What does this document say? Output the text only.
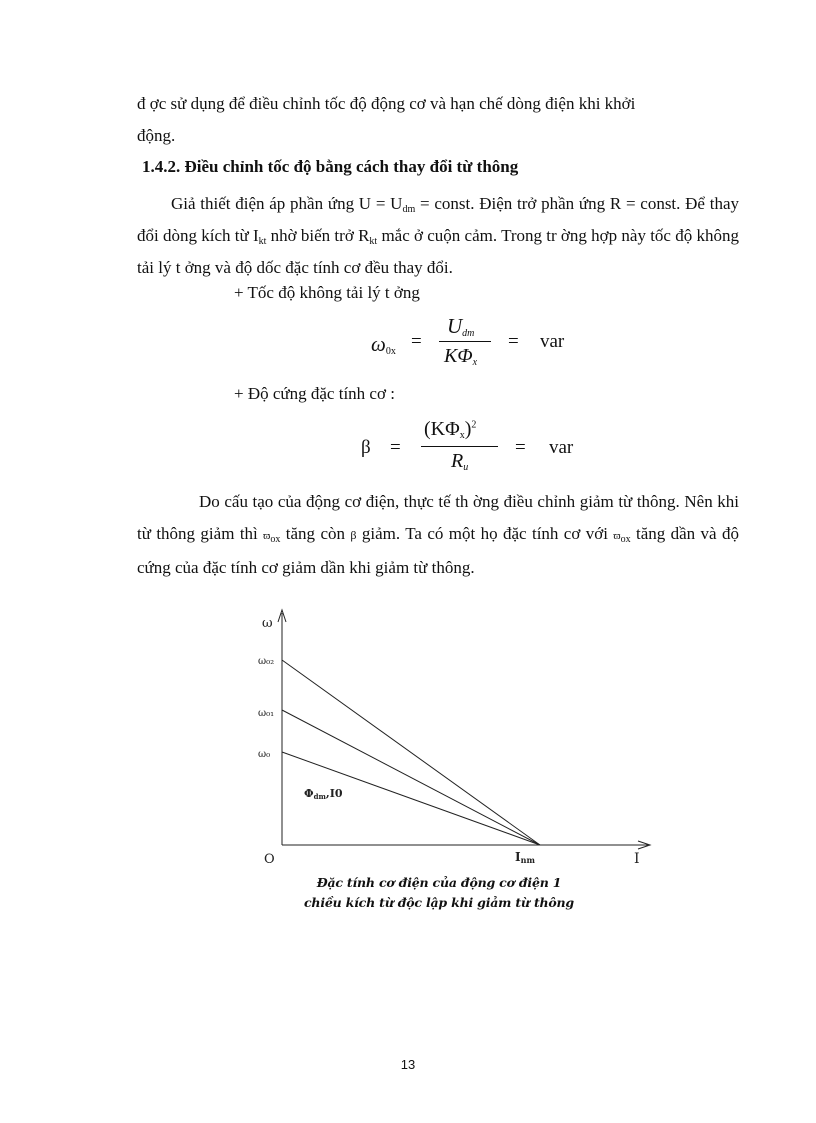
đ ợc sử dụng để điều chỉnh tốc độ động cơ và hạn chế dòng điện khi khởi
động.
1.4.2. Điều chỉnh tốc độ bằng cách thay đổi từ thông
Giả thiết điện áp phần ứng $U = U_{dm}$ = const. Điện trở phần ứng R = const. Để thay đổi dòng kích từ $I_{kt}$ nhờ biến trở $R_{kt}$ mắc ở cuộn cảm. Trong tr ờng hợp này tốc độ không tải lý t ởng và độ dốc đặc tính cơ đều thay đổi.
+ Tốc độ không tải lý t ởng
$\omega_{0x}$ =
$U_{dm}$
$K\Phi_x$
= var
+ Độ cứng đặc tính cơ :
β =
$(K\Phi_x)^2$
$R_u$
= var
Do cấu tạo của động cơ điện, thực tế th ờng điều chỉnh giảm từ thông. Nên khi từ thông giảm thì $ϖ_{ox}$ tăng còn β giảm. Ta có một họ đặc tính cơ với $ϖ_{ox}$ tăng dần và độ cứng của đặc tính cơ giảm dần khi giảm từ thông.
ω
I
O
ω₀₂
ω₀₁
ω₀
Φdm,I0
Inm
Đặc tính cơ điện của động cơ điện 1
chiều kích từ độc lập khi giảm từ thông
13
